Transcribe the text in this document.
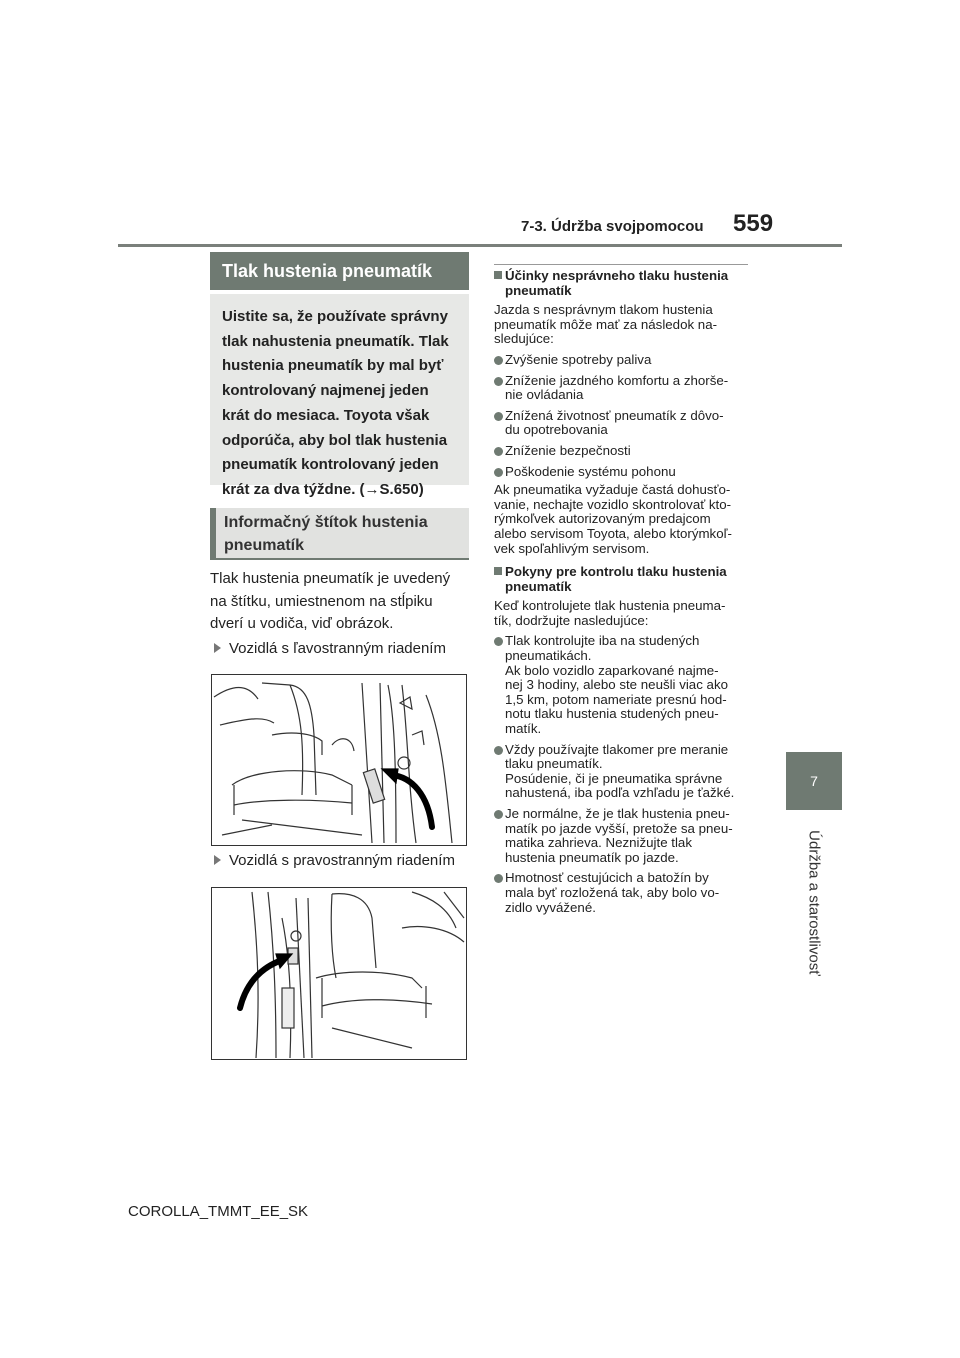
7-3. Údržba svojpomocou 559
7
Údržba a starostlivosť
Tlak hustenia pneumatík
Uistite sa, že používate správny
tlak nahustenia pneumatík. Tlak
hustenia pneumatík by mal byť
kontrolovaný najmenej jeden
krát do mesiaca. Toyota však
odporúča, aby bol tlak hustenia
pneumatík kontrolovaný jeden
krát za dva týždne. (→S.650)
Informačný štítok hustenia
pneumatík
Tlak hustenia pneumatík je uvedený
na štítku, umiestnenom na stĺpiku
dverí u vodiča, viď obrázok.
Vozidlá s ľavostranným riadením
Vozidlá s pravostranným riadením
Účinky nesprávneho tlaku hustenia
pneumatík
Jazda s nesprávnym tlakom hustenia
pneumatík môže mať za následok na-
sledujúce:
Zvýšenie spotreby paliva
Zníženie jazdného komfortu a zhorše-
nie ovládania
Znížená životnosť pneumatík z dôvo-
du opotrebovania
Zníženie bezpečnosti
Poškodenie systému pohonu
Ak pneumatika vyžaduje častá dohusťo-
vanie, nechajte vozidlo skontrolovať kto-
rýmkoľvek autorizovaným predajcom
alebo servisom Toyota, alebo ktorýmkoľ-
vek spoľahlivým servisom.
Pokyny pre kontrolu tlaku hustenia
pneumatík
Keď kontrolujete tlak hustenia pneuma-
tík, dodržujte nasledujúce:
Tlak kontrolujte iba na studených
pneumatikách.
Ak bolo vozidlo zaparkované najme-
nej 3 hodiny, alebo ste neušli viac ako
1,5 km, potom nameriate presnú hod-
notu tlaku hustenia studených pneu-
matík.
Vždy používajte tlakomer pre meranie
tlaku pneumatík.
Posúdenie, či je pneumatika správne
nahustená, iba podľa vzhľadu je ťažké.
Je normálne, že je tlak hustenia pneu-
matík po jazde vyšší, pretože sa pneu-
matika zahrieva. Neznižujte tlak
hustenia pneumatík po jazde.
Hmotnosť cestujúcich a batožín by
mala byť rozložená tak, aby bolo vo-
zidlo vyvážené.
COROLLA_TMMT_EE_SK
